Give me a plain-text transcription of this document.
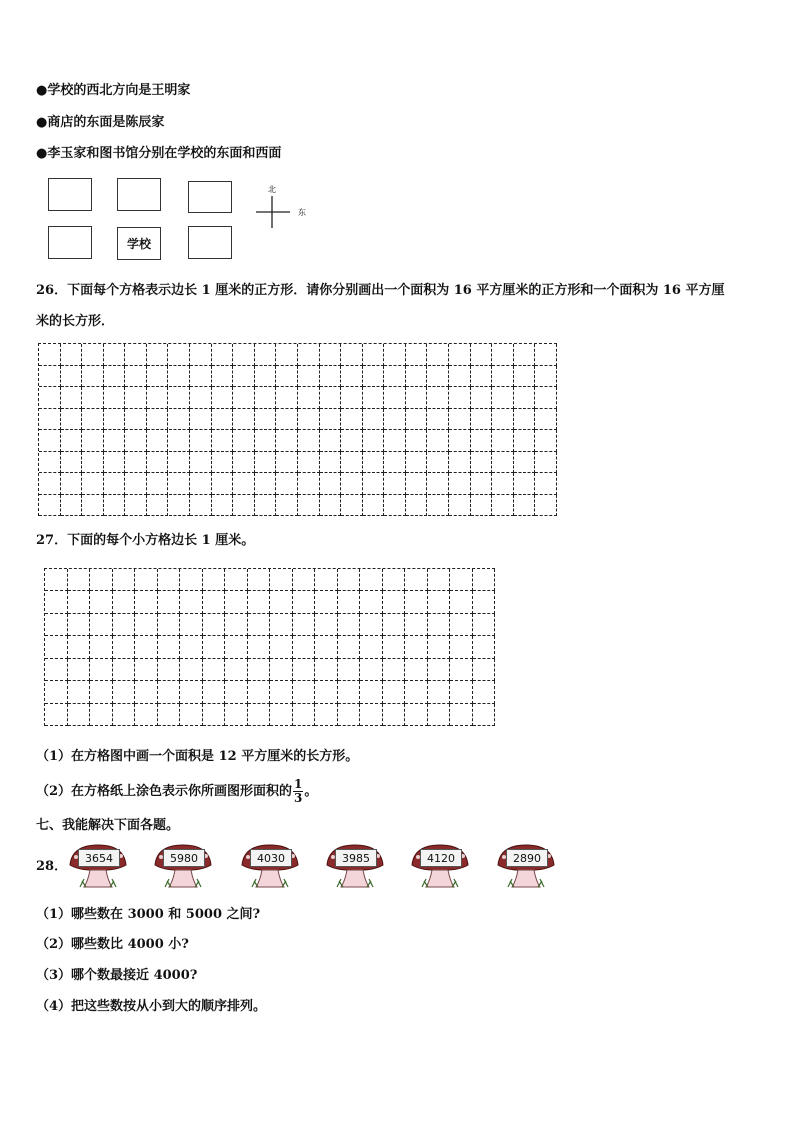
●学校的西北方向是王明家
●商店的东面是陈辰家
●李玉家和图书馆分别在学校的东面和西面
学校
北
东
26．下面每个方格表示边长 1 厘米的正方形．请你分别画出一个面积为 16 平方厘米的正方形和一个面积为 16 平方厘
米的长方形．
27．下面的每个小方格边长 1 厘米。
（1）在方格图中画一个面积是 12 平方厘米的长方形。
（2）在方格纸上涂色表示你所画图形面积的 $\frac{1}{3}$ 。
七、我能解决下面各题。
28．
3654	5980	4030	3985	4120	2890
（1）哪些数在 3000 和 5000 之间?
（2）哪些数比 4000 小?
（3）哪个数最接近 4000?
（4）把这些数按从小到大的顺序排列。
